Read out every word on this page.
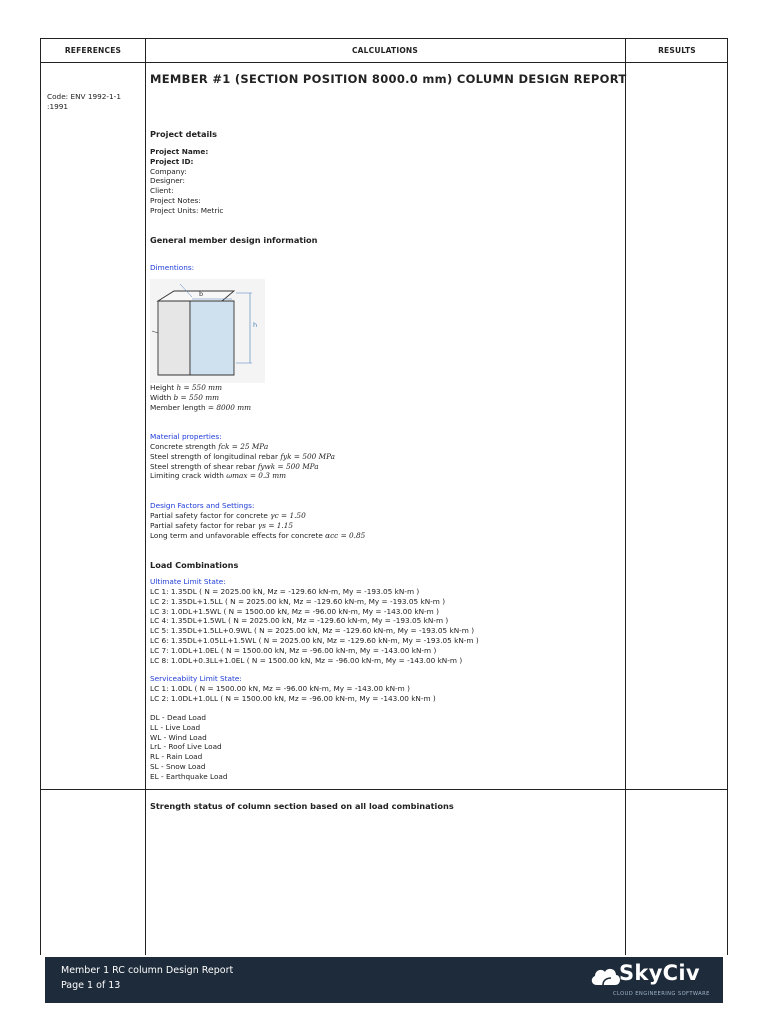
REFERENCES	CALCULATIONS	RESULTS
Code: ENV 1992-1-1
:1991
MEMBER #1 (SECTION POSITION 8000.0 mm) COLUMN DESIGN REPORT
Project details
Project Name:
Project ID:
Company:
Designer:
Client:
Project Notes:
Project Units: Metric
General member design information
Dimentions:
b
h
Height h = 550 mm
Width b = 550 mm
Member length = 8000 mm
Material properties:
Concrete strength fck = 25 MPa
Steel strength of longitudinal rebar fyk = 500 MPa
Steel strength of shear rebar fywk = 500 MPa
Limiting crack width ωmax = 0.3 mm
Design Factors and Settings:
Partial safety factor for concrete γc = 1.50
Partial safety factor for rebar γs = 1.15
Long term and unfavorable effects for concrete αcc = 0.85
Load Combinations
Ultimate Limit State:
LC 1: 1.35DL ( N = 2025.00 kN, Mz = -129.60 kN-m, My = -193.05 kN-m )
LC 2: 1.35DL+1.5LL ( N = 2025.00 kN, Mz = -129.60 kN-m, My = -193.05 kN-m )
LC 3: 1.0DL+1.5WL ( N = 1500.00 kN, Mz = -96.00 kN-m, My = -143.00 kN-m )
LC 4: 1.35DL+1.5WL ( N = 2025.00 kN, Mz = -129.60 kN-m, My = -193.05 kN-m )
LC 5: 1.35DL+1.5LL+0.9WL ( N = 2025.00 kN, Mz = -129.60 kN-m, My = -193.05 kN-m )
LC 6: 1.35DL+1.05LL+1.5WL ( N = 2025.00 kN, Mz = -129.60 kN-m, My = -193.05 kN-m )
LC 7: 1.0DL+1.0EL ( N = 1500.00 kN, Mz = -96.00 kN-m, My = -143.00 kN-m )
LC 8: 1.0DL+0.3LL+1.0EL ( N = 1500.00 kN, Mz = -96.00 kN-m, My = -143.00 kN-m )
Serviceabiity Limit State:
LC 1: 1.0DL ( N = 1500.00 kN, Mz = -96.00 kN-m, My = -143.00 kN-m )
LC 2: 1.0DL+1.0LL ( N = 1500.00 kN, Mz = -96.00 kN-m, My = -143.00 kN-m )
DL - Dead Load
LL - Live Load
WL - Wind Load
LrL - Roof Live Load
RL - Rain Load
SL - Snow Load
EL - Earthquake Load
Strength status of column section based on all load combinations
Member 1 RC column Design Report
Page 1 of 13
SkyCiv
CLOUD ENGINEERING SOFTWARE
